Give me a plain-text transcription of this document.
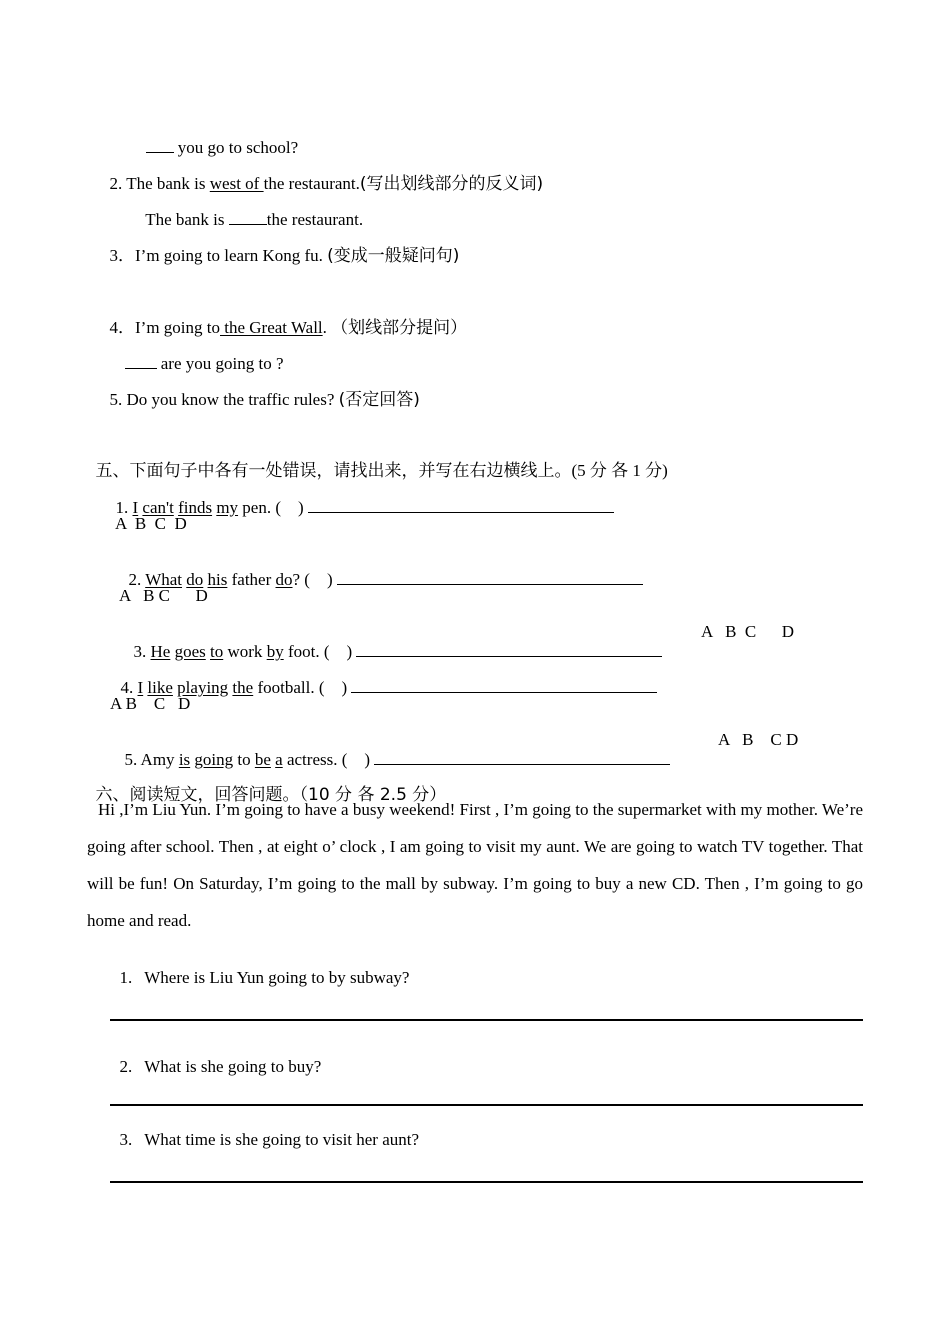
you go to school?

2. The bank is west of the restaurant.(写出划线部分的反义词)

The bank is the restaurant.

3．I’m going to learn Kong fu. (变成一般疑问句)

4．I’m going to the Great Wall. （划线部分提问）

are you going to ?

5. Do you know the traffic rules? (否定回答)

五、下面句子中各有一处错误，请找出来，并写在右边横线上。(5 分 各 1 分)

1. I can't finds my pen. (　)

A  B  C  D

2. What do his father do? (　)

A   B C      D

3. He goes to work by foot. (　)

A   B  C      D

4. I like playing the football. (　)

A B    C   D

5. Amy is going to be a actress. (　)

A   B    C D

六、阅读短文，回答问题。（10 分 各 2.5 分）

Hi ,I’m Liu Yun. I’m going to have a busy weekend! First , I’m going to the supermarket with my mother. We’re going after school. Then , at eight o’ clock , I am going to visit my aunt. We are going to watch TV together. That will be fun! On Saturday, I’m going to the mall by subway. I’m going to buy a new CD. Then , I’m going to go home and read.

1. Where is Liu Yun going to by subway?

2. What is she going to buy?

3. What time is she going to visit her aunt?
